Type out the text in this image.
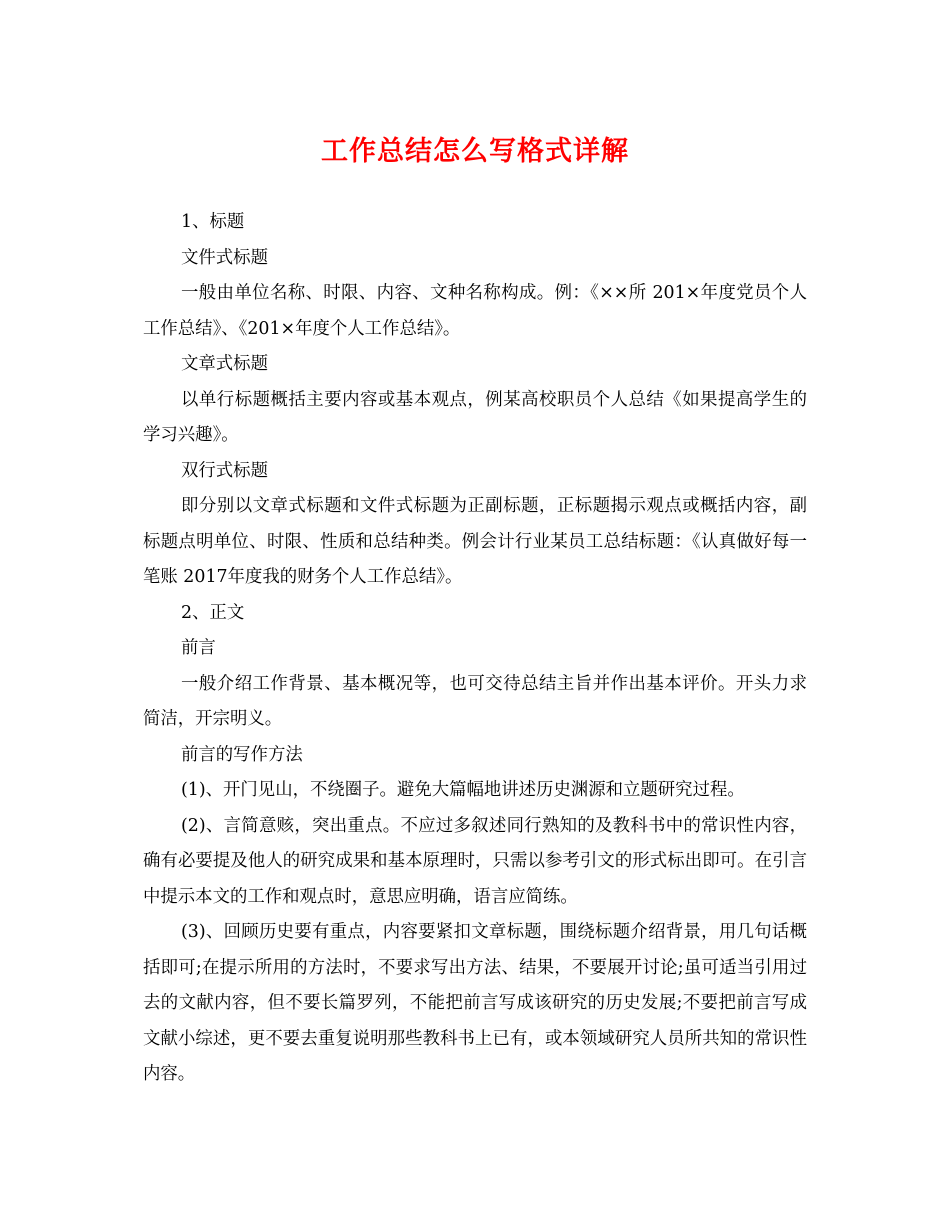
工作总结怎么写格式详解

1、标题

文件式标题

一般由单位名称、时限、内容、文种名称构成。例：《××所 201×年度党员个人工作总结》、《201×年度个人工作总结》。

文章式标题

以单行标题概括主要内容或基本观点，例某高校职员个人总结《如果提高学生的学习兴趣》。

双行式标题

即分别以文章式标题和文件式标题为正副标题，正标题揭示观点或概括内容，副标题点明单位、时限、性质和总结种类。例会计行业某员工总结标题：《认真做好每一笔账 2017年度我的财务个人工作总结》。

2、正文

前言

一般介绍工作背景、基本概况等，也可交待总结主旨并作出基本评价。开头力求简洁，开宗明义。

前言的写作方法

(1)、开门见山，不绕圈子。避免大篇幅地讲述历史渊源和立题研究过程。

(2)、言简意赅，突出重点。不应过多叙述同行熟知的及教科书中的常识性内容，确有必要提及他人的研究成果和基本原理时，只需以参考引文的形式标出即可。在引言中提示本文的工作和观点时，意思应明确，语言应简练。

(3)、回顾历史要有重点，内容要紧扣文章标题，围绕标题介绍背景，用几句话概括即可;在提示所用的方法时，不要求写出方法、结果，不要展开讨论;虽可适当引用过去的文献内容，但不要长篇罗列，不能把前言写成该研究的历史发展;不要把前言写成文献小综述，更不要去重复说明那些教科书上已有，或本领域研究人员所共知的常识性内容。
